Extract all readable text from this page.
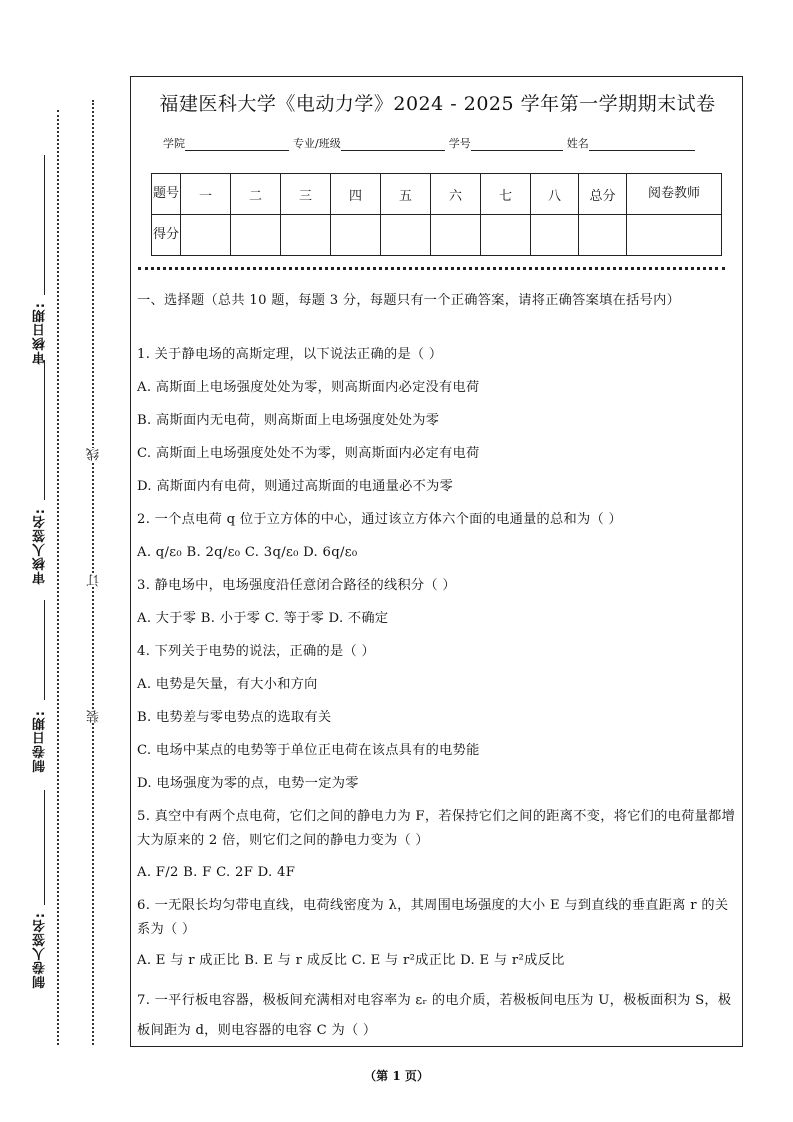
审核日期:
审核人签名:
制卷日期:
制卷人签名:
线
订
装
福建医科大学《电动力学》2024 - 2025 学年第一学期期末试卷
学院	专业/班级	学号	姓名
题号	一	二	三	四	五	六	七	八	总分	阅卷教师
得分										

一、选择题（总共 10 题，每题 3 分，每题只有一个正确答案，请将正确答案填在括号内）

1. 关于静电场的高斯定理，以下说法正确的是（ ）

A. 高斯面上电场强度处处为零，则高斯面内必定没有电荷

B. 高斯面内无电荷，则高斯面上电场强度处处为零

C. 高斯面上电场强度处处不为零，则高斯面内必定有电荷

D. 高斯面内有电荷，则通过高斯面的电通量必不为零

2. 一个点电荷 q 位于立方体的中心，通过该立方体六个面的电通量的总和为（ ）

A. q/ε₀ B. 2q/ε₀ C. 3q/ε₀ D. 6q/ε₀

3. 静电场中，电场强度沿任意闭合路径的线积分（ ）

A. 大于零 B. 小于零 C. 等于零 D. 不确定

4. 下列关于电势的说法，正确的是（ ）

A. 电势是矢量，有大小和方向

B. 电势差与零电势点的选取有关

C. 电场中某点的电势等于单位正电荷在该点具有的电势能

D. 电场强度为零的点，电势一定为零

5. 真空中有两个点电荷，它们之间的静电力为 F，若保持它们之间的距离不变，将它们的电荷量都增大为原来的 2 倍，则它们之间的静电力变为（ ）

A. F/2 B. F C. 2F D. 4F

6. 一无限长均匀带电直线，电荷线密度为 λ，其周围电场强度的大小 E 与到直线的垂直距离 r 的关系为（ ）

A. E 与 r 成正比 B. E 与 r 成反比 C. E 与 r²成正比 D. E 与 r²成反比

7. 一平行板电容器，极板间充满相对电容率为 εᵣ 的电介质，若极板间电压为 U，极板面积为 S，极板间距为 d，则电容器的电容 C 为（ ）

（第 1 页）
